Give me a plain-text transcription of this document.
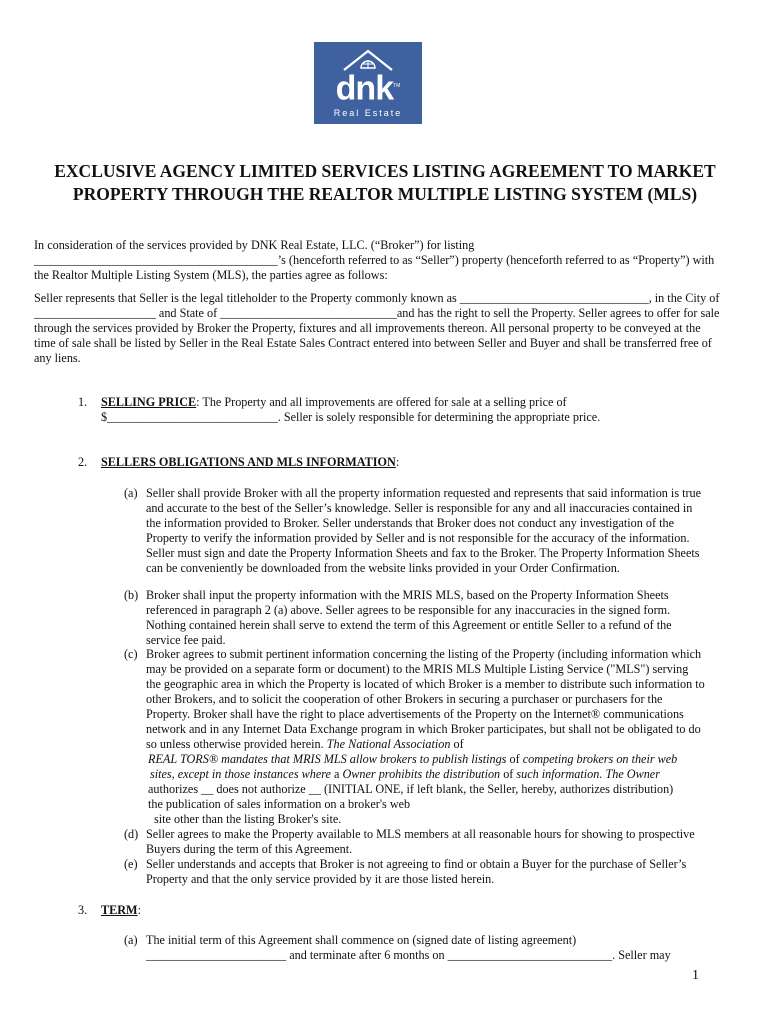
dnk™
Real Estate
EXCLUSIVE AGENCY LIMITED SERVICES LISTING AGREEMENT TO MARKET PROPERTY THROUGH THE REALTOR MULTIPLE LISTING SYSTEM (MLS)
In consideration of the services provided by DNK Real Estate, LLC. (“Broker”) for listing ________________________________________’s (henceforth referred to as “Seller”) property (henceforth referred to as “Property”) with the Realtor Multiple Listing System (MLS), the parties agree as follows:
Seller represents that Seller is the legal titleholder to the Property commonly known as _______________________________, in the City of ____________________ and State of _____________________________and has the right to sell the Property. Seller agrees to offer for sale through the services provided by Broker the Property, fixtures and all improvements thereon. All personal property to be conveyed at the time of sale shall be listed by Seller in the Real Estate Sales Contract entered into between Seller and Buyer and shall be transferred free of any liens.
1. SELLING PRICE: The Property and all improvements are offered for sale at a selling price of
$____________________________. Seller is solely responsible for determining the appropriate price.
2. SELLERS OBLIGATIONS AND MLS INFORMATION:
(a) Seller shall provide Broker with all the property information requested and represents that said information is true and accurate to the best of the Seller’s knowledge. Seller is responsible for any and all inaccuracies contained in the information provided to Broker. Seller understands that Broker does not conduct any investigation of the Property to verify the information provided by Seller and is not responsible for the accuracy of the information. Seller must sign and date the Property Information Sheets and fax to the Broker. The Property Information Sheets can be conveniently be downloaded from the website links provided in your Order Confirmation.
(b) Broker shall input the property information with the MRIS MLS, based on the Property Information Sheets referenced in paragraph 2 (a) above. Seller agrees to be responsible for any inaccuracies in the signed form. Nothing contained herein shall serve to extend the term of this Agreement or entitle Seller to a refund of the service fee paid.
(c) Broker agrees to submit pertinent information concerning the listing of the Property (including information which may be provided on a separate form or document) to the MRIS MLS Multiple Listing Service ("MLS") serving the geographic area in which the Property is located of which Broker is a member to distribute such information to other Brokers, and to solicit the cooperation of other Brokers in securing a purchaser or purchasers for the Property. Broker shall have the right to place advertisements of the Property on the Internet® communications network and in any Internet Data Exchange program in which Broker participates, but shall not be obligated to do so unless otherwise provided herein. The National Association of
REAL TORS® mandates that MRIS MLS allow brokers to publish listings of competing brokers on their web
sites, except in those instances where a Owner prohibits the distribution of such information. The Owner
authorizes __ does not authorize __ (INITIAL ONE, if left blank, the Seller, hereby, authorizes distribution)
the publication of sales information on a broker's web
site other than the listing Broker's site.
(d) Seller agrees to make the Property available to MLS members at all reasonable hours for showing to prospective Buyers during the term of this Agreement.
(e) Seller understands and accepts that Broker is not agreeing to find or obtain a Buyer for the purchase of Seller’s Property and that the only service provided by it are those listed herein.
3. TERM:
(a) The initial term of this Agreement shall commence on (signed date of listing agreement)
_______________________ and terminate after 6 months on ___________________________. Seller may
1
